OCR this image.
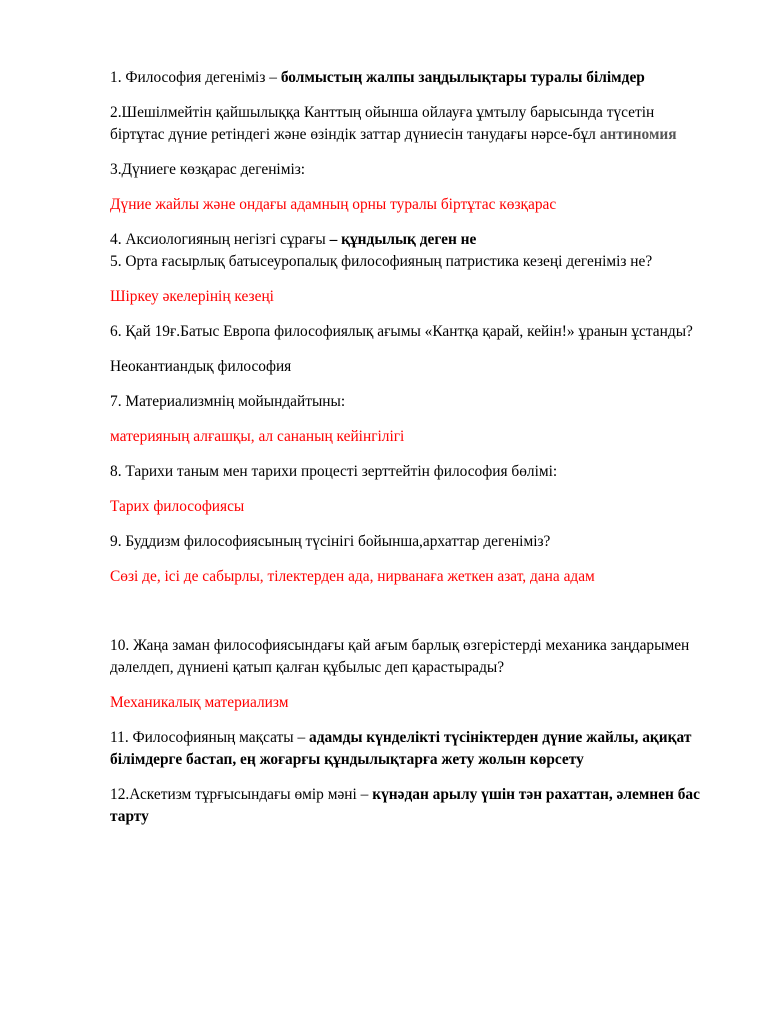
1. Философия дегеніміз – болмыстың жалпы заңдылықтары туралы білімдер

2.Шешілмейтін қайшылыққа Канттың ойынша ойлауға ұмтылу барысында түсетін біртұтас дүние ретіндегі және өзіндік заттар дүниесін танудағы нәрсе-бұл антиномия

3.Дүниеге көзқарас дегеніміз:

Дүние жайлы және ондағы адамның орны туралы біртұтас көзқарас

4. Аксиологияның негізгі сұрағы – құндылық деген не

5. Орта ғасырлық батысеуропалық философияның патристика кезеңі дегеніміз не?

Шіркеу әкелерінің кезеңі

6. Қай 19ғ.Батыс Европа философиялық ағымы «Кантқа қарай, кейін!» ұранын ұстанды?

Неокантиандық философия

7. Материализмнің мойындайтыны:

материяның алғашқы, ал сананың кейінгілігі

8. Тарихи таным мен тарихи процесті зерттейтін философия бөлімі:

Тарих философиясы

9. Буддизм философиясының түсінігі бойынша,архаттар дегеніміз?

Сөзі де, ісі де сабырлы, тілектерден ада, нирванаға жеткен азат, дана адам

10. Жаңа заман философиясындағы қай ағым барлық өзгерістерді механика заңдарымен дәлелдеп, дүниені қатып қалған құбылыс деп қарастырады?

Механикалық материализм

11. Философияның мақсаты – адамды күнделікті түсініктерден дүние жайлы, ақиқат білімдерге бастап, ең жоғарғы құндылықтарға жету жолын көрсету

12.Аскетизм тұрғысындағы өмір мәні – күнәдан арылу үшін тән рахаттан, әлемнен бас тарту
